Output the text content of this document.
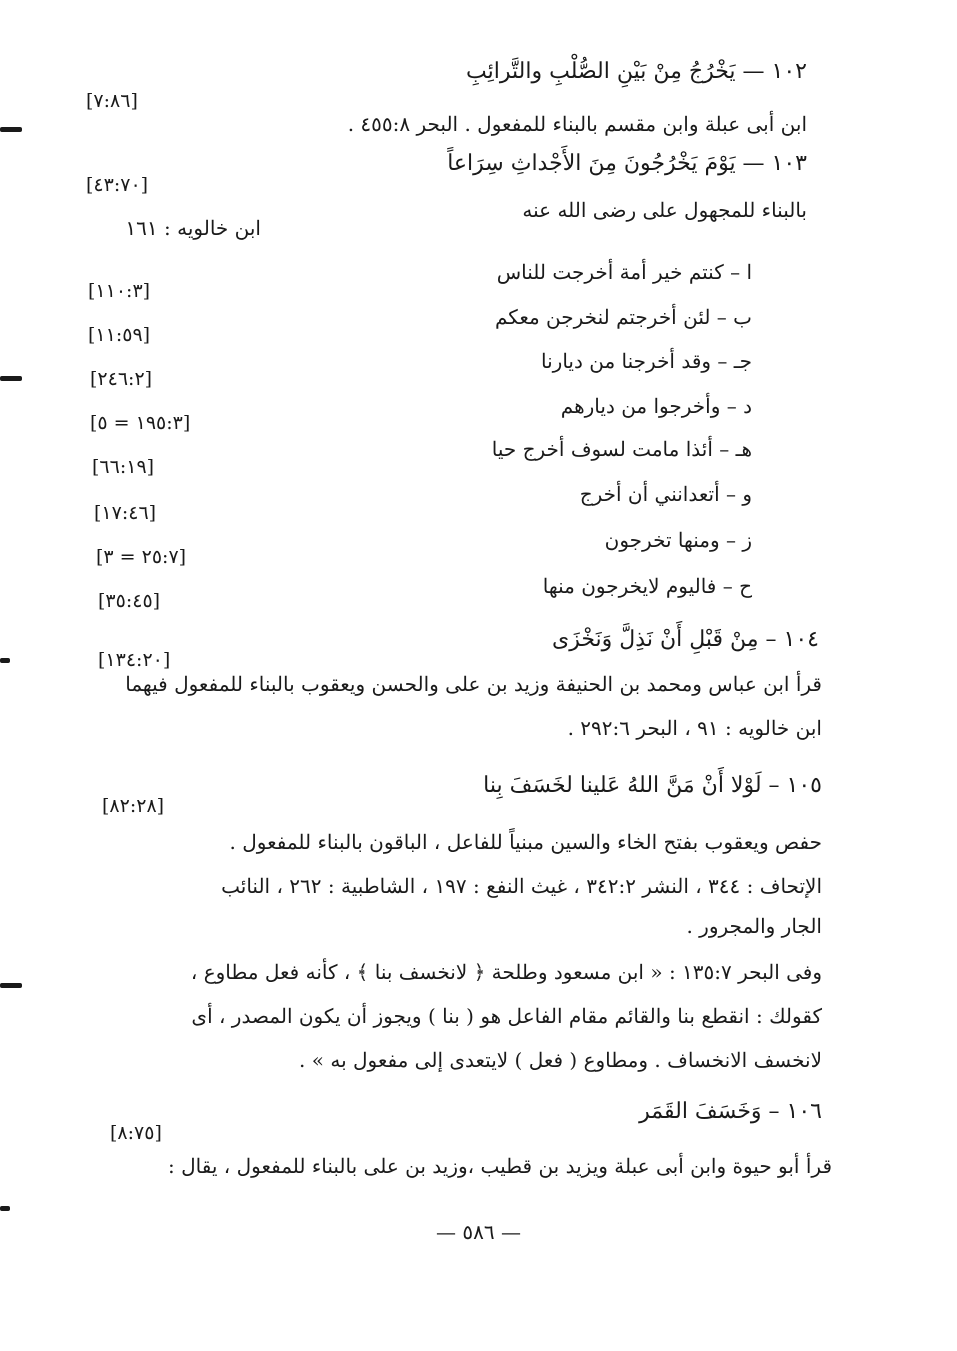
١٠٢ — يَخْرُجُ مِنْ بَيْنِ الصُّلْبِ والتَّرائِبِ
[٧:٨٦]
ابن أبى عبلة وابن مقسم بالبناء للمفعول . البحر ٤٥٥:٨ .
١٠٣ — يَوْمَ يَخْرُجُونَ مِنَ الأَجْداثِ سِرَاعاً
[٤٣:٧٠]
بالبناء للمجهول على رضى الله عنه
ابن خالويه : ١٦١
ا – كنتم خير أمة أخرجت للناس
[١١٠:٣]
ب – لئن أخرجتم لنخرجن معكم
[١١:٥٩]
جـ – وقد أخرجنا من ديارنا
[٢٤٦:٢]
د – وأخرجوا من ديارهم
[١٩٥:٣ = ٥]
هـ – أئذا مامت لسوف أخرج حيا
[٦٦:١٩]
و – أتعدانني أن أخرج
[١٧:٤٦]
ز – ومنها تخرجون
[٢٥:٧ = ٣]
ح – فاليوم لايخرجون منها
[٣٥:٤٥]
١٠٤ – مِنْ قَبْلِ أَنْ نَذِلَّ وَنَخْزَى
[١٣٤:٢٠]
قرأ ابن عباس ومحمد بن الحنيفة وزيد بن على والحسن ويعقوب بالبناء للمفعول فيهما
ابن خالويه : ٩١ ، البحر ٢٩٢:٦ .
١٠٥ – لَوْلا أَنْ مَنَّ اللهُ عَلينا لخَسَفَ بِنا
[٨٢:٢٨]
حفص ويعقوب بفتح الخاء والسين مبنياً للفاعل ، الباقون بالبناء للمفعول .
الإتحاف : ٣٤٤ ، النشر ٣٤٢:٢ ، غيث النفع : ١٩٧ ، الشاطبية : ٢٦٢ ، النائب
الجار والمجرور .
وفى البحر ١٣٥:٧ : « ابن مسعود وطلحة ﴿ لانخسف بنا ﴾ ، كأنه فعل مطاوع ،
كقولك : انقطع بنا والقائم مقام الفاعل هو ( بنا ) ويجوز أن يكون المصدر ، أى
لانخسف الانخساف . ومطاوع ( فعل ) لايتعدى إلى مفعول به » .
١٠٦ – وَخَسَفَ القَمَر
[٨:٧٥]
قرأ أبو حيوة وابن أبى عبلة ويزيد بن قطيب ،وزيد بن على بالبناء للمفعول ، يقال :
— ٥٨٦ —
